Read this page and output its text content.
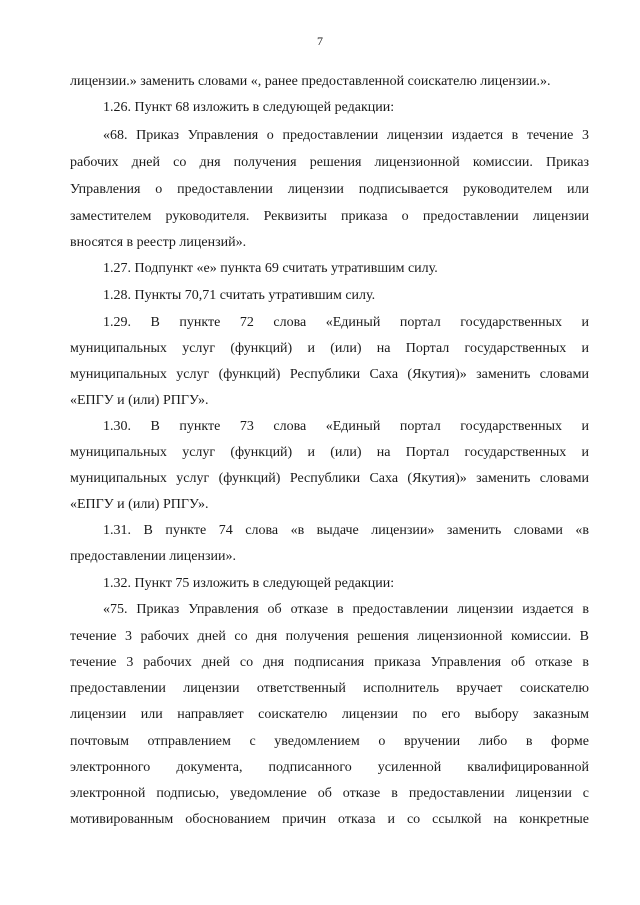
7
лицензии.» заменить словами «, ранее предоставленной соискателю лицензии.».
1.26. Пункт 68 изложить в следующей редакции:
«68. Приказ Управления о предоставлении лицензии издается в течение 3
рабочих дней со дня получения решения лицензионной комиссии. Приказ
Управления о предоставлении лицензии подписывается руководителем или
заместителем руководителя. Реквизиты приказа о предоставлении лицензии
вносятся в реестр лицензий».
1.27. Подпункт «е» пункта 69 считать утратившим силу.
1.28. Пункты 70,71 считать утратившим силу.
1.29. В пункте 72 слова «Единый портал государственных и
муниципальных услуг (функций) и (или) на Портал государственных и
муниципальных услуг (функций) Республики Саха (Якутия)» заменить словами
«ЕПГУ и (или) РПГУ».
1.30. В пункте 73 слова «Единый портал государственных и
муниципальных услуг (функций) и (или) на Портал государственных и
муниципальных услуг (функций) Республики Саха (Якутия)» заменить словами
«ЕПГУ и (или) РПГУ».
1.31. В пункте 74 слова «в выдаче лицензии» заменить словами «в
предоставлении лицензии».
1.32. Пункт 75 изложить в следующей редакции:
«75. Приказ Управления об отказе в предоставлении лицензии издается в
течение 3 рабочих дней со дня получения решения лицензионной комиссии. В
течение 3 рабочих дней со дня подписания приказа Управления об отказе в
предоставлении лицензии ответственный исполнитель вручает соискателю
лицензии или направляет соискателю лицензии по его выбору заказным
почтовым отправлением с уведомлением о вручении либо в форме
электронного документа, подписанного усиленной квалифицированной
электронной подписью, уведомление об отказе в предоставлении лицензии с
мотивированным обоснованием причин отказа и со ссылкой на конкретные
